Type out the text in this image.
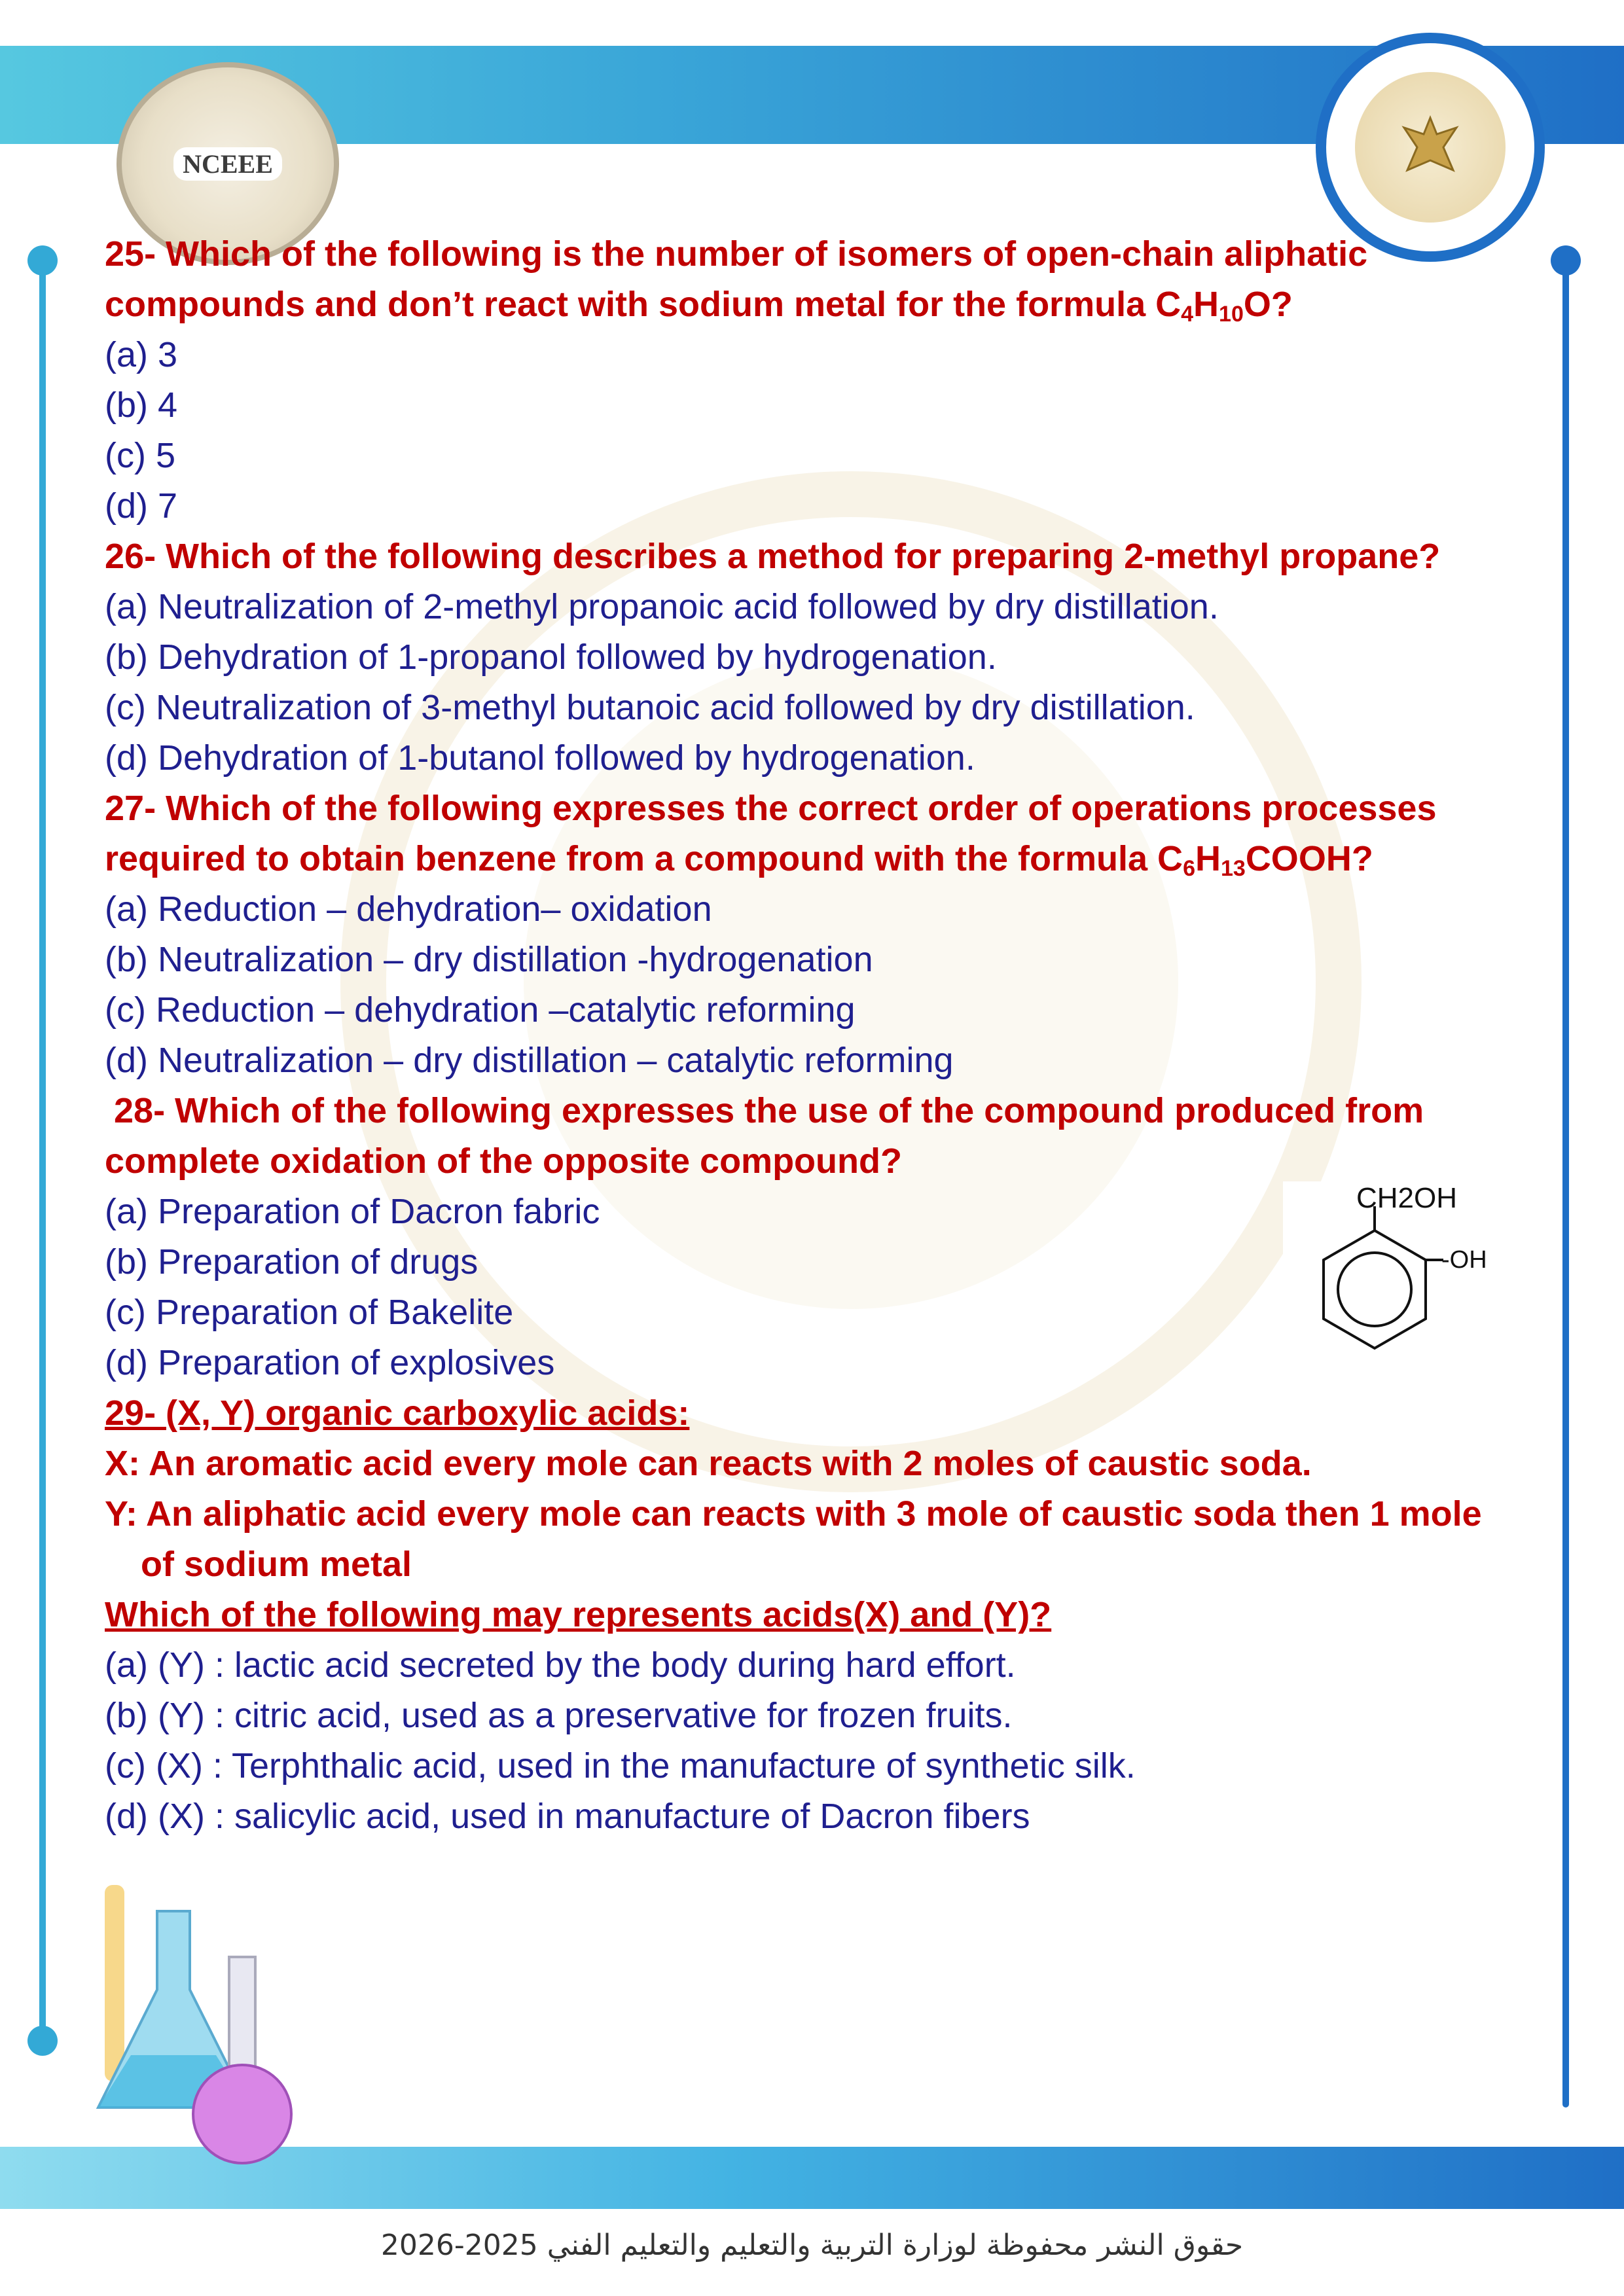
NCEEE
25- Which of the following is the number of isomers of open-chain aliphatic
compounds and don’t react with sodium metal for the formula $C_4H_{10}O$?
(a) 3
(b) 4
(c) 5
(d) 7
26- Which of the following describes a method for preparing 2-methyl propane?
(a) Neutralization of 2-methyl propanoic acid followed by dry distillation.
(b) Dehydration of 1-propanol followed by hydrogenation.
(c) Neutralization of 3-methyl butanoic acid followed by dry distillation.
(d) Dehydration of 1-butanol followed by hydrogenation.
27- Which of the following expresses the correct order of operations processes
required to obtain benzene from a compound with the formula $C_6H_{13}COOH$?
(a) Reduction – dehydration– oxidation
(b) Neutralization – dry distillation -hydrogenation
(c) Reduction – dehydration –catalytic reforming
(d) Neutralization – dry distillation – catalytic reforming
28- Which of the following expresses the use of the compound produced from
complete oxidation of the opposite compound?
(a) Preparation of Dacron fabric
(b) Preparation of drugs
(c) Preparation of Bakelite
(d) Preparation of explosives
29- (X, Y) organic carboxylic acids:
X: An aromatic acid every mole can reacts with 2 moles of caustic soda.
Y: An aliphatic acid every mole can reacts with 3 mole of caustic soda then 1 mole
of sodium metal
Which of the following may represents acids(X) and (Y)?
(a) (Y) : lactic acid secreted by the body during hard effort.
(b) (Y) : citric acid, used as a preservative for frozen fruits.
(c) (X) : Terphthalic acid, used in the manufacture of synthetic silk.
(d) (X) : salicylic acid, used in manufacture of Dacron fibers
CH2OH
-OH
حقوق النشر محفوظة لوزارة التربية والتعليم والتعليم الفني 2025-2026
